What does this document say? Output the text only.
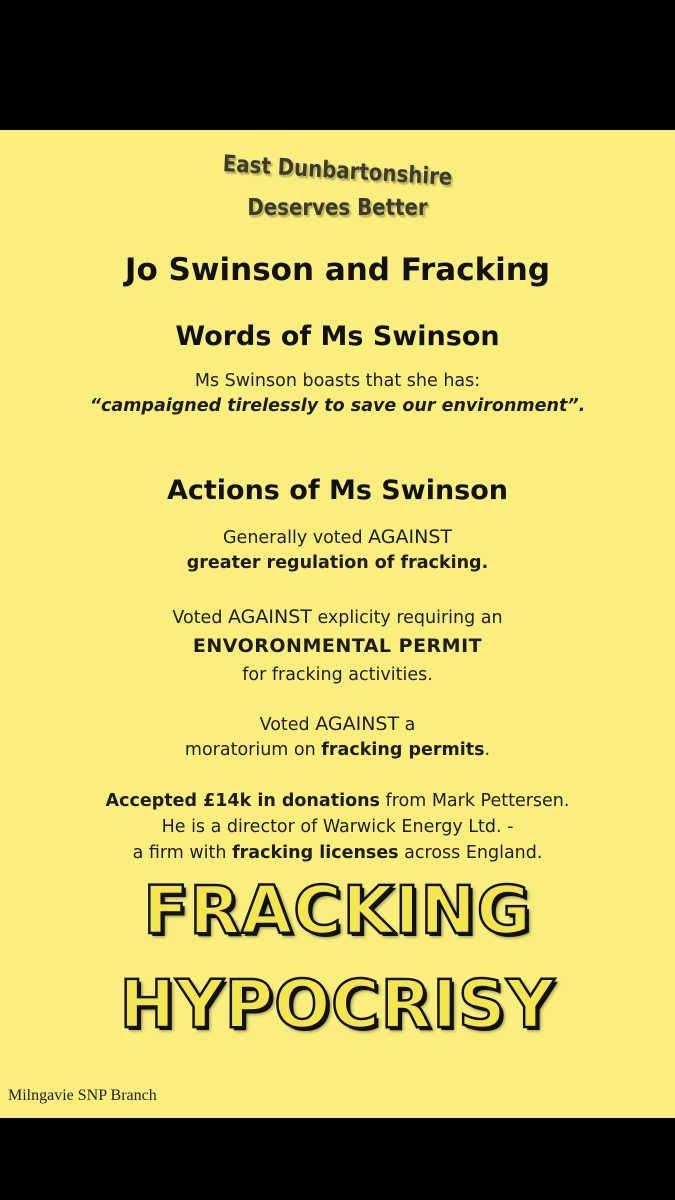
East Dunbartonshire
Deserves Better
Jo Swinson and Fracking
Words of Ms Swinson
Ms Swinson boasts that she has:
“campaigned tirelessly to save our environment”.
Actions of Ms Swinson
Generally voted AGAINST
greater regulation of fracking.
Voted AGAINST explicity requiring an
ENVORONMENTAL PERMIT
for fracking activities.
Voted AGAINST a
moratorium on fracking permits.
Accepted £14k in donations from Mark Pettersen.
He is a director of Warwick Energy Ltd. -
a firm with fracking licenses across England.
FRACKING
HYPOCRISY
Milngavie SNP Branch
